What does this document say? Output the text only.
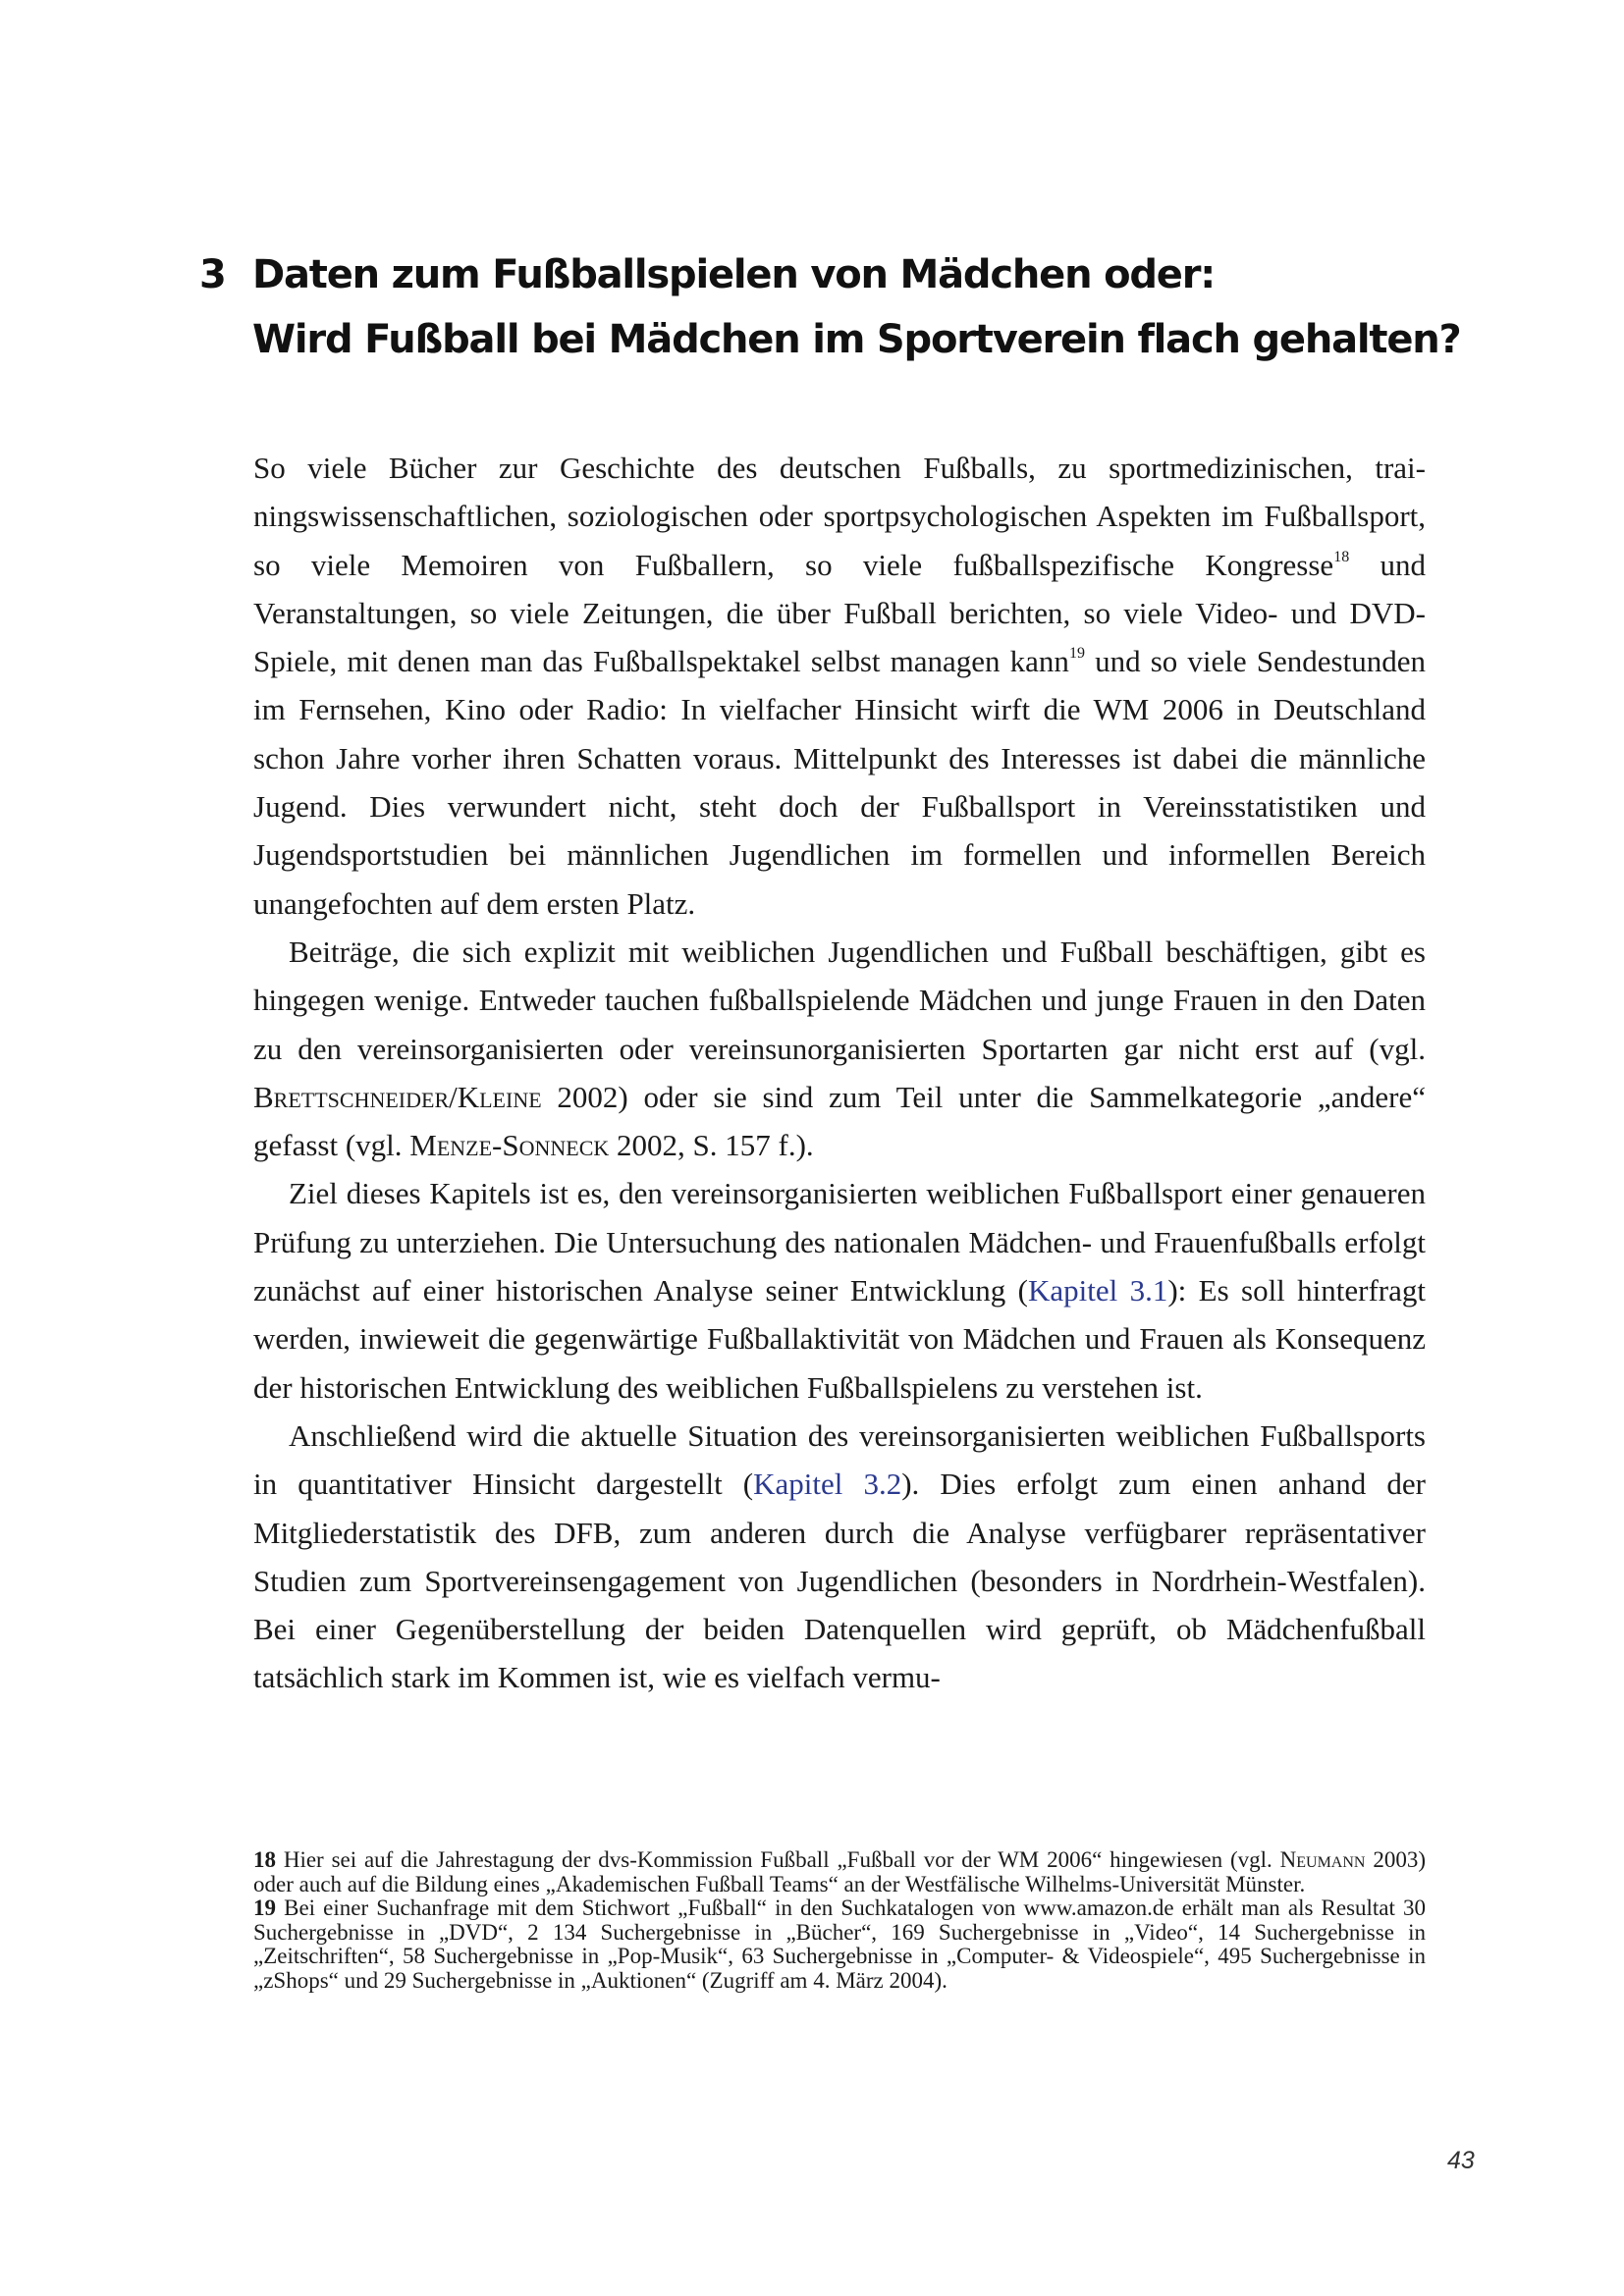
3 Daten zum Fußballspielen von Mädchen oder:
Wird Fußball bei Mädchen im Sportverein flach gehalten?

So viele Bücher zur Geschichte des deutschen Fußballs, zu sportmedizinischen, trainingswissenschaftlichen, soziologischen oder sportpsychologischen Aspekten im Fußballsport, so viele Memoiren von Fußballern, so viele fußballspezifische Kongresse$^{18}$ und Veranstaltungen, so viele Zeitungen, die über Fußball berichten, so viele Video- und DVD-Spiele, mit denen man das Fußballspektakel selbst managen kann$^{19}$ und so viele Sendestunden im Fernsehen, Kino oder Radio: In vielfacher Hinsicht wirft die WM 2006 in Deutschland schon Jahre vorher ihren Schatten voraus. Mittelpunkt des Interesses ist dabei die männliche Jugend. Dies verwundert nicht, steht doch der Fußballsport in Vereinsstatistiken und Jugendsportstudien bei männlichen Jugendlichen im formellen und informellen Bereich unangefochten auf dem ersten Platz.

Beiträge, die sich explizit mit weiblichen Jugendlichen und Fußball beschäftigen, gibt es hingegen wenige. Entweder tauchen fußballspielende Mädchen und junge Frauen in den Daten zu den vereinsorganisierten oder vereinsunorganisierten Sportarten gar nicht erst auf (vgl. Brettschneider/Kleine 2002) oder sie sind zum Teil unter die Sammelkategorie „andere“ gefasst (vgl. Menze-Sonneck 2002, S. 157 f.).

Ziel dieses Kapitels ist es, den vereinsorganisierten weiblichen Fußballsport einer genaueren Prüfung zu unterziehen. Die Untersuchung des nationalen Mädchen- und Frauenfußballs erfolgt zunächst auf einer historischen Analyse seiner Entwicklung (Kapitel 3.1): Es soll hinterfragt werden, inwieweit die gegenwärtige Fußballaktivität von Mädchen und Frauen als Konsequenz der historischen Entwicklung des weiblichen Fußballspielens zu verstehen ist.

Anschließend wird die aktuelle Situation des vereinsorganisierten weiblichen Fußballsports in quantitativer Hinsicht dargestellt (Kapitel 3.2). Dies erfolgt zum einen anhand der Mitgliederstatistik des DFB, zum anderen durch die Analyse verfügbarer repräsentativer Studien zum Sportvereinsengagement von Jugendlichen (besonders in Nordrhein-Westfalen). Bei einer Gegenüberstellung der beiden Datenquellen wird geprüft, ob Mädchenfußball tatsächlich stark im Kommen ist, wie es vielfach vermu-

18 Hier sei auf die Jahrestagung der dvs-Kommission Fußball „Fußball vor der WM 2006“ hingewiesen (vgl. Neumann 2003) oder auch auf die Bildung eines „Akademischen Fußball Teams“ an der Westfälische Wilhelms-Universität Münster.

19 Bei einer Suchanfrage mit dem Stichwort „Fußball“ in den Suchkatalogen von www.amazon.de erhält man als Resultat 30 Suchergebnisse in „DVD“, 2 134 Suchergebnisse in „Bücher“, 169 Suchergebnisse in „Video“, 14 Suchergebnisse in „Zeitschriften“, 58 Suchergebnisse in „Pop-Musik“, 63 Suchergebnisse in „Computer- & Videospiele“, 495 Suchergebnisse in „zShops“ und 29 Suchergebnisse in „Auktionen“ (Zugriff am 4. März 2004).

43
